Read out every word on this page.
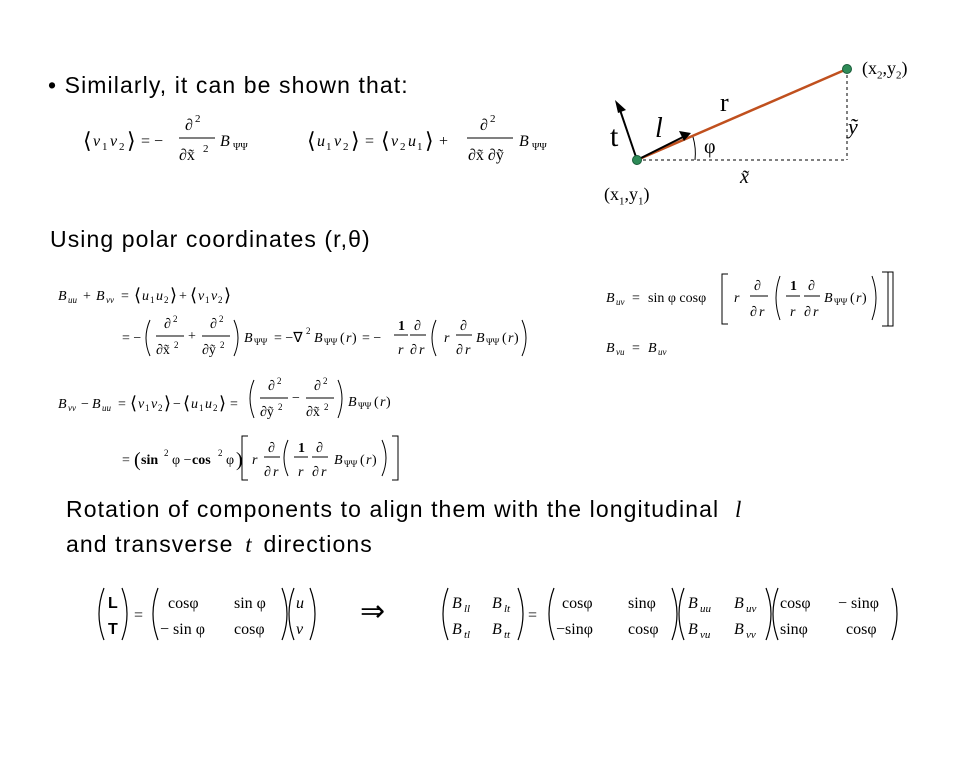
• Similarly, it can be shown that:
⟨ v 1 v 2 ⟩ = −
∂ 2
∂x̃ 2 B ΨΨ	⟨ u 1 v 2 ⟩ = ⟨ v 2 u 1 ⟩ +
∂ 2
∂x̃ ∂ỹ
B ΨΨ
$(x_2,y_2)$
$(x_1,y_1)$
r
t l
φ
x̃
ỹ
Using polar coordinates (r,θ)
B uu + B vv = ⟨ u 1 u 2 ⟩ + ⟨ v 1 v 2 ⟩
= −
∂ 2
∂x̃ 2
+
∂ 2
∂ỹ 2 B ΨΨ = −∇ 2 B ΨΨ ( r ) = −
1
r
∂
∂ r
r
∂
∂ r
B ΨΨ ( r )
B vv − B uu = ⟨ v 1 v 2 ⟩ − ⟨ u 1 u 2 ⟩ =
∂ 2
∂ỹ 2
−
∂ 2
∂x̃ 2 B ΨΨ ( r )
= ( sin 2 φ − cos 2 φ ) r
∂
∂ r
1
r
∂
∂ r
B ΨΨ ( r )
B uv = sin φ cosφ r
∂
∂ r
1
r
∂
∂ r
B ΨΨ ( r )
B vu = B uv
Rotation of components to align them with the longitudinal l
and transverse t directions
L
T
=
cosφ sin φ
− sin φ cosφ
u
v
⇒	B ll B lt
B tl B tt
=
cosφ sinφ
−sinφ cosφ
B uu B uv
B vu B vv
cosφ − sinφ
sinφ cosφ
